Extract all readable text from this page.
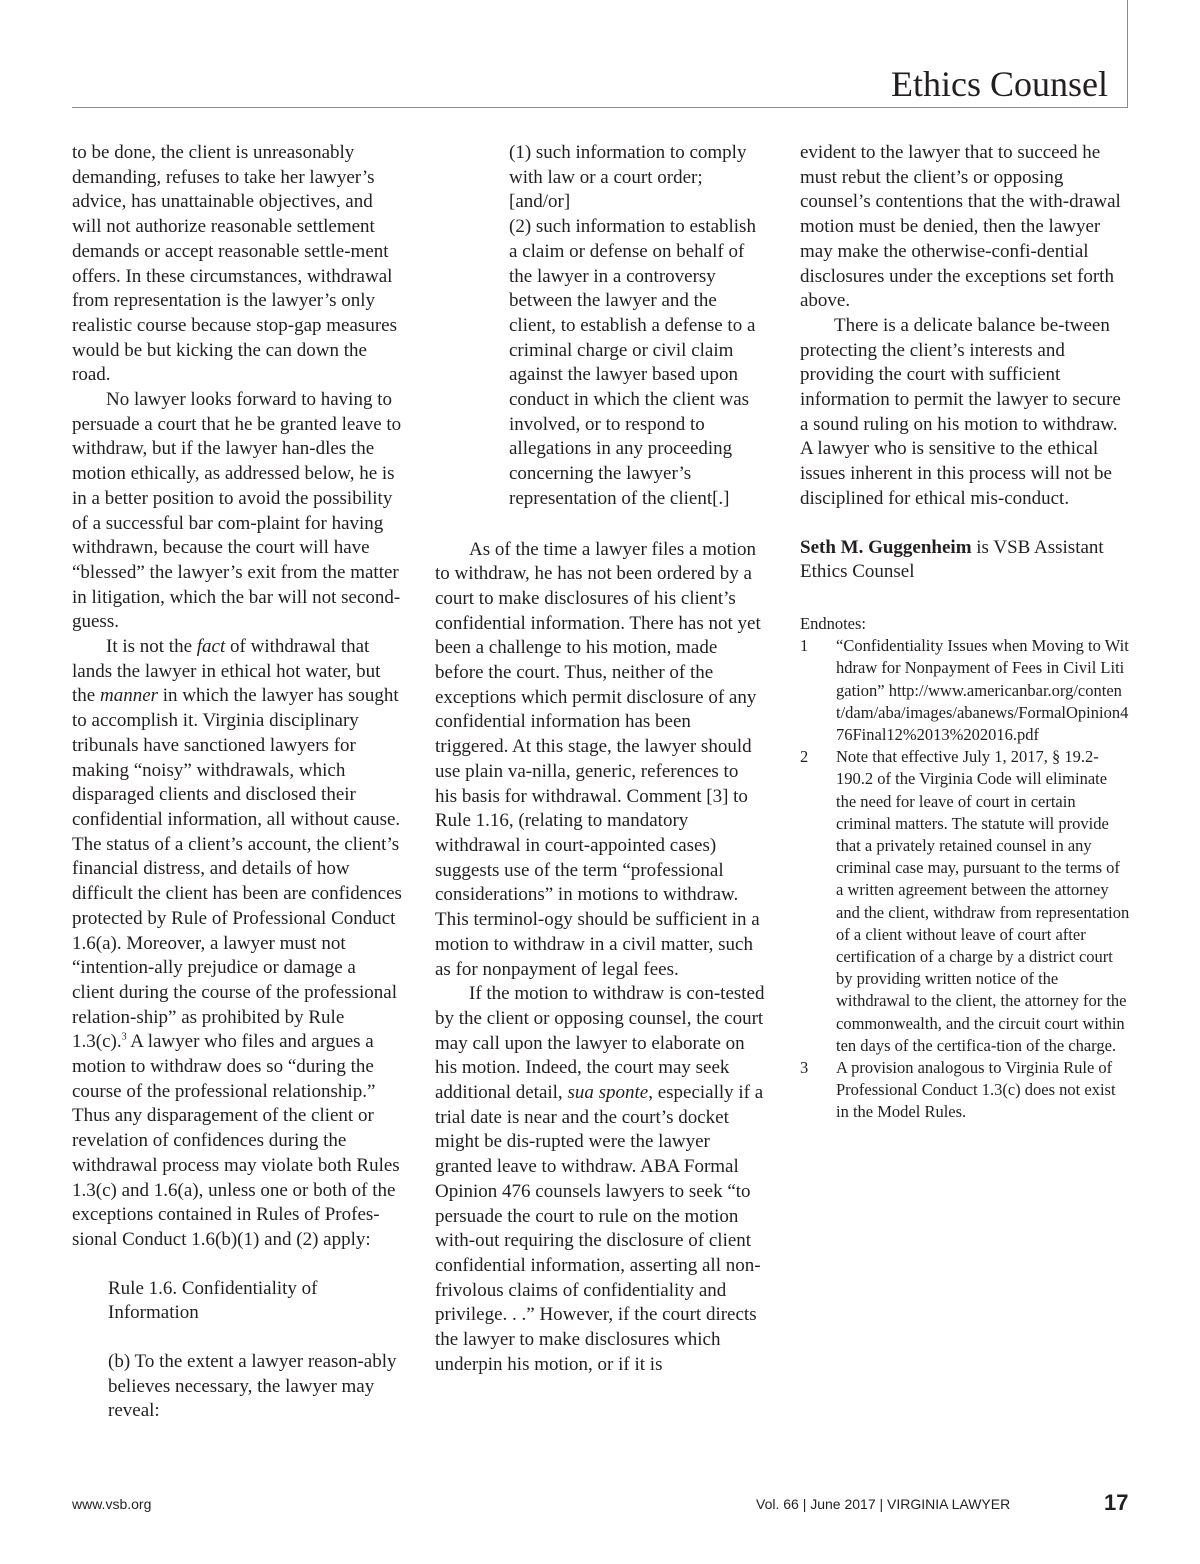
Ethics Counsel

to be done, the client is unreasonably demanding, refuses to take her lawyer’s advice, has unattainable objectives, and will not authorize reasonable settlement demands or accept reasonable settle-ment offers. In these circumstances, withdrawal from representation is the lawyer’s only realistic course because stop-gap measures would be but kicking the can down the road.

No lawyer looks forward to having to persuade a court that he be granted leave to withdraw, but if the lawyer han-dles the motion ethically, as addressed below, he is in a better position to avoid the possibility of a successful bar com-plaint for having withdrawn, because the court will have “blessed” the lawyer’s exit from the matter in litigation, which the bar will not second-guess.

It is not the fact of withdrawal that lands the lawyer in ethical hot water, but the manner in which the lawyer has sought to accomplish it. Virginia disciplinary tribunals have sanctioned lawyers for making “noisy” withdrawals, which disparaged clients and disclosed their confidential information, all without cause. The status of a client’s account, the client’s financial distress, and details of how difficult the client has been are confidences protected by Rule of Professional Conduct 1.6(a). Moreover, a lawyer must not “intention-ally prejudice or damage a client during the course of the professional relation-ship” as prohibited by Rule 1.3(c).$^3$ A lawyer who files and argues a motion to withdraw does so “during the course of the professional relationship.” Thus any disparagement of the client or revelation of confidences during the withdrawal process may violate both Rules 1.3(c) and 1.6(a), unless one or both of the exceptions contained in Rules of Profes-sional Conduct 1.6(b)(1) and (2) apply:

Rule 1.6. Confidentiality of Information

(b) To the extent a lawyer reason-ably believes necessary, the lawyer may reveal:

(1) such information to comply with law or a court order; [and/or]

(2) such information to establish a claim or defense on behalf of the lawyer in a controversy between the lawyer and the client, to establish a defense to a criminal charge or civil claim against the lawyer based upon conduct in which the client was involved, or to respond to allegations in any proceeding concerning the lawyer’s representation of the client[.]

As of the time a lawyer files a motion to withdraw, he has not been ordered by a court to make disclosures of his client’s confidential information. There has not yet been a challenge to his motion, made before the court. Thus, neither of the exceptions which permit disclosure of any confidential information has been triggered. At this stage, the lawyer should use plain va-nilla, generic, references to his basis for withdrawal. Comment [3] to Rule 1.16, (relating to mandatory withdrawal in court-appointed cases) suggests use of the term “professional considerations” in motions to withdraw. This terminol-ogy should be sufficient in a motion to withdraw in a civil matter, such as for nonpayment of legal fees.

If the motion to withdraw is con-tested by the client or opposing counsel, the court may call upon the lawyer to elaborate on his motion. Indeed, the court may seek additional detail, sua sponte, especially if a trial date is near and the court’s docket might be dis-rupted were the lawyer granted leave to withdraw. ABA Formal Opinion 476 counsels lawyers to seek “to persuade the court to rule on the motion with-out requiring the disclosure of client confidential information, asserting all non-frivolous claims of confidentiality and privilege. . .” However, if the court directs the lawyer to make disclosures which underpin his motion, or if it is

evident to the lawyer that to succeed he must rebut the client’s or opposing counsel’s contentions that the with-drawal motion must be denied, then the lawyer may make the otherwise-confi-dential disclosures under the exceptions set forth above.

There is a delicate balance be-tween protecting the client’s interests and providing the court with sufficient information to permit the lawyer to secure a sound ruling on his motion to withdraw. A lawyer who is sensitive to the ethical issues inherent in this process will not be disciplined for ethical mis-conduct.

Seth M. Guggenheim is VSB Assistant Ethics Counsel

Endnotes:

1	“Confidentiality Issues when Moving to Withdraw for Nonpayment of Fees in Civil Litigation” http://www.americanbar.org/content/dam/aba/images/abanews/FormalOpinion476Final12%2013%202016.pdf
2	Note that effective July 1, 2017, § 19.2-190.2 of the Virginia Code will eliminate the need for leave of court in certain criminal matters. The statute will provide that a privately retained counsel in any criminal case may, pursuant to the terms of a written agreement between the attorney and the client, withdraw from representation of a client without leave of court after certification of a charge by a district court by providing written notice of the withdrawal to the client, the attorney for the commonwealth, and the circuit court within ten days of the certifica-tion of the charge.
3	A provision analogous to Virginia Rule of Professional Conduct 1.3(c) does not exist in the Model Rules.
www.vsb.org	Vol. 66 | June 2017 | VIRGINIA LAWYER	17
